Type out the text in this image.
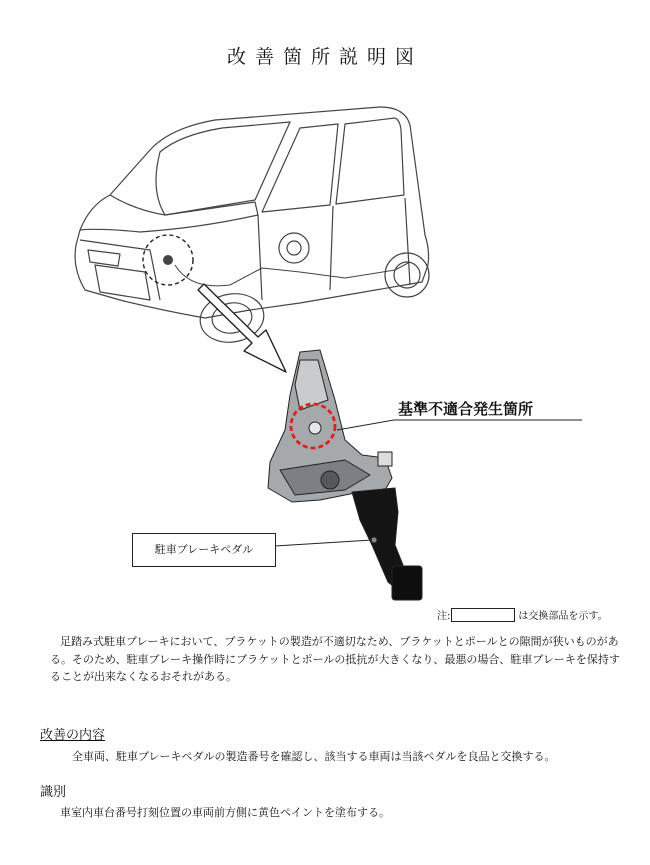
改善箇所説明図
基準不適合発生箇所
駐車ブレーキペダル
注:	は交換部品を示す。
足踏み式駐車ブレーキにおいて、ブラケットの製造が不適切なため、ブラケットとポールとの隙間が狭いものがある。そのため、駐車ブレーキ操作時にブラケットとポールの抵抗が大きくなり、最悪の場合、駐車ブレーキを保持することが出来なくなるおそれがある。
改善の内容
全車両、駐車ブレーキペダルの製造番号を確認し、該当する車両は当該ペダルを良品と交換する。
識別
車室内車台番号打刻位置の車両前方側に黄色ペイントを塗布する。
